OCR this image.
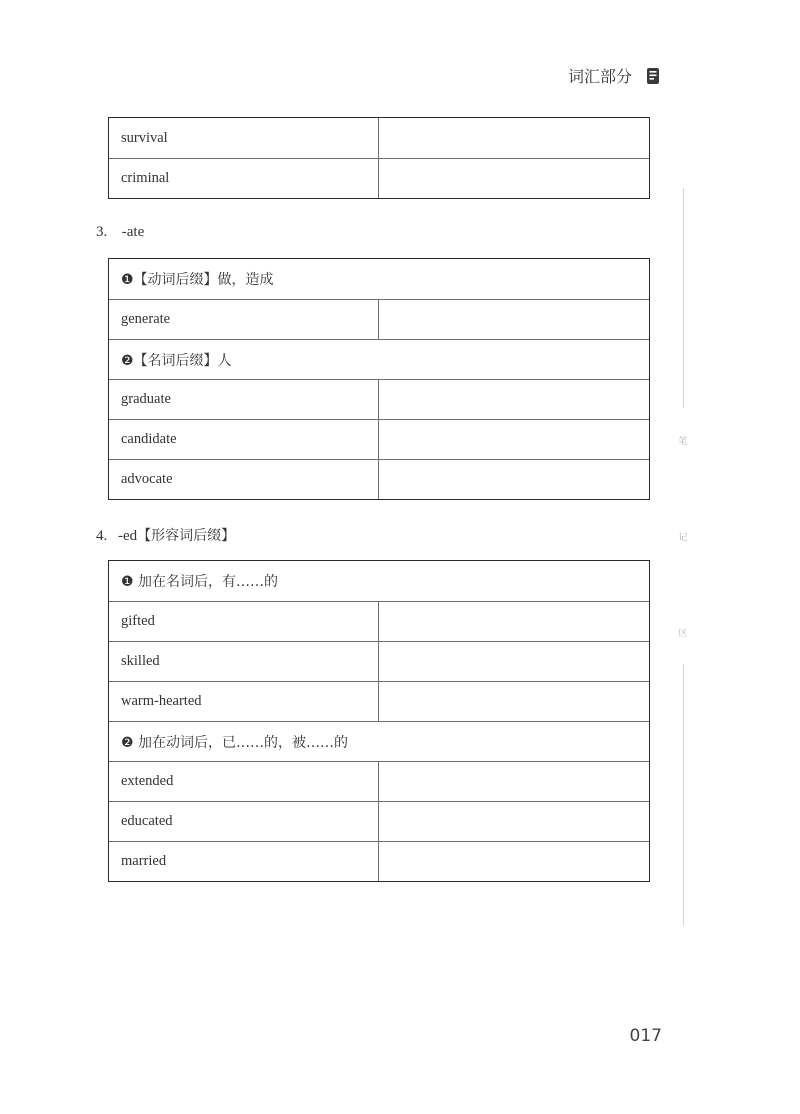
词汇部分
survival
criminal
3. -ate
❶【动词后缀】做，造成
generate
❷【名词后缀】人
graduate
candidate
advocate
4. -ed【形容词后缀】
❶ 加在名词后，有……的
gifted
skilled
warm-hearted
❷ 加在动词后，已……的，被……的
extended
educated
married
笔
记
区
017
